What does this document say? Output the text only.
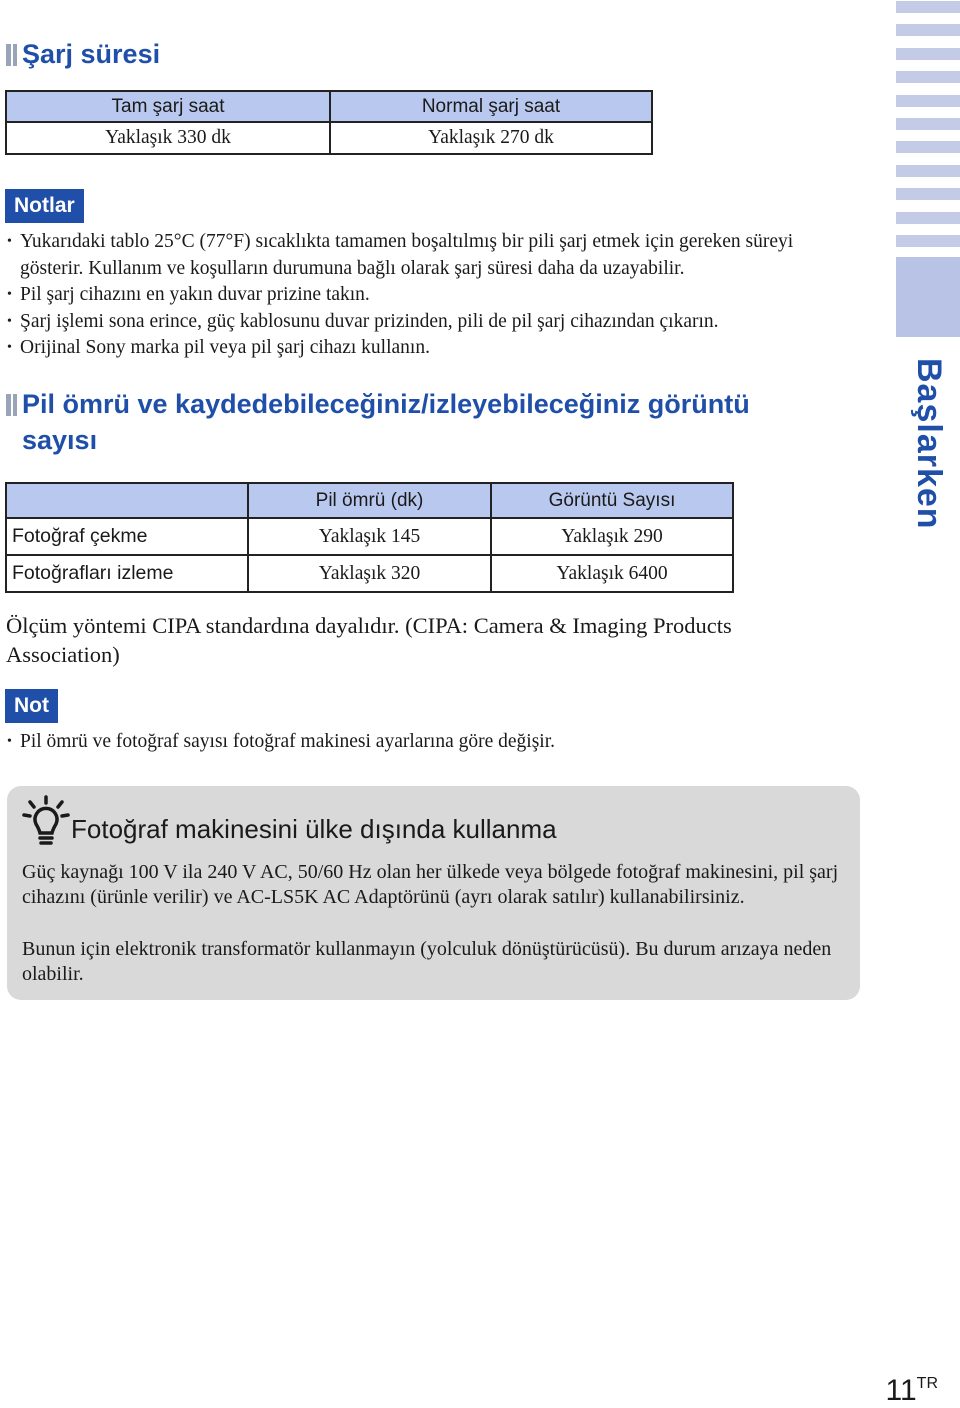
Şarj süresi
Tam şarj saat	Normal şarj saat
Yaklaşık 330 dk	Yaklaşık 270 dk
Notlar
• Yukarıdaki tablo 25°C (77°F) sıcaklıkta tamamen boşaltılmış bir pili şarj etmek için gereken süreyi gösterir. Kullanım ve koşulların durumuna bağlı olarak şarj süresi daha da uzayabilir.
• Pil şarj cihazını en yakın duvar prizine takın.
• Şarj işlemi sona erince, güç kablosunu duvar prizinden, pili de pil şarj cihazından çıkarın.
• Orijinal Sony marka pil veya pil şarj cihazı kullanın.
Pil ömrü ve kaydedebileceğiniz/izleyebileceğiniz görüntü
sayısı
	Pil ömrü (dk)	Görüntü Sayısı
Fotoğraf çekme	Yaklaşık 145	Yaklaşık 290
Fotoğrafları izleme	Yaklaşık 320	Yaklaşık 6400
Ölçüm yöntemi CIPA standardına dayalıdır. (CIPA: Camera & Imaging Products Association)
Not
• Pil ömrü ve fotoğraf sayısı fotoğraf makinesi ayarlarına göre değişir.
Fotoğraf makinesini ülke dışında kullanma
Güç kaynağı 100 V ila 240 V AC, 50/60 Hz olan her ülkede veya bölgede fotoğraf makinesini, pil şarj cihazını (ürünle verilir) ve AC-LS5K AC Adaptörünü (ayrı olarak satılır) kullanabilirsiniz.
Bunun için elektronik transformatör kullanmayın (yolculuk dönüştürücüsü). Bu durum arızaya neden olabilir.
Başlarken
$11^{TR}$
